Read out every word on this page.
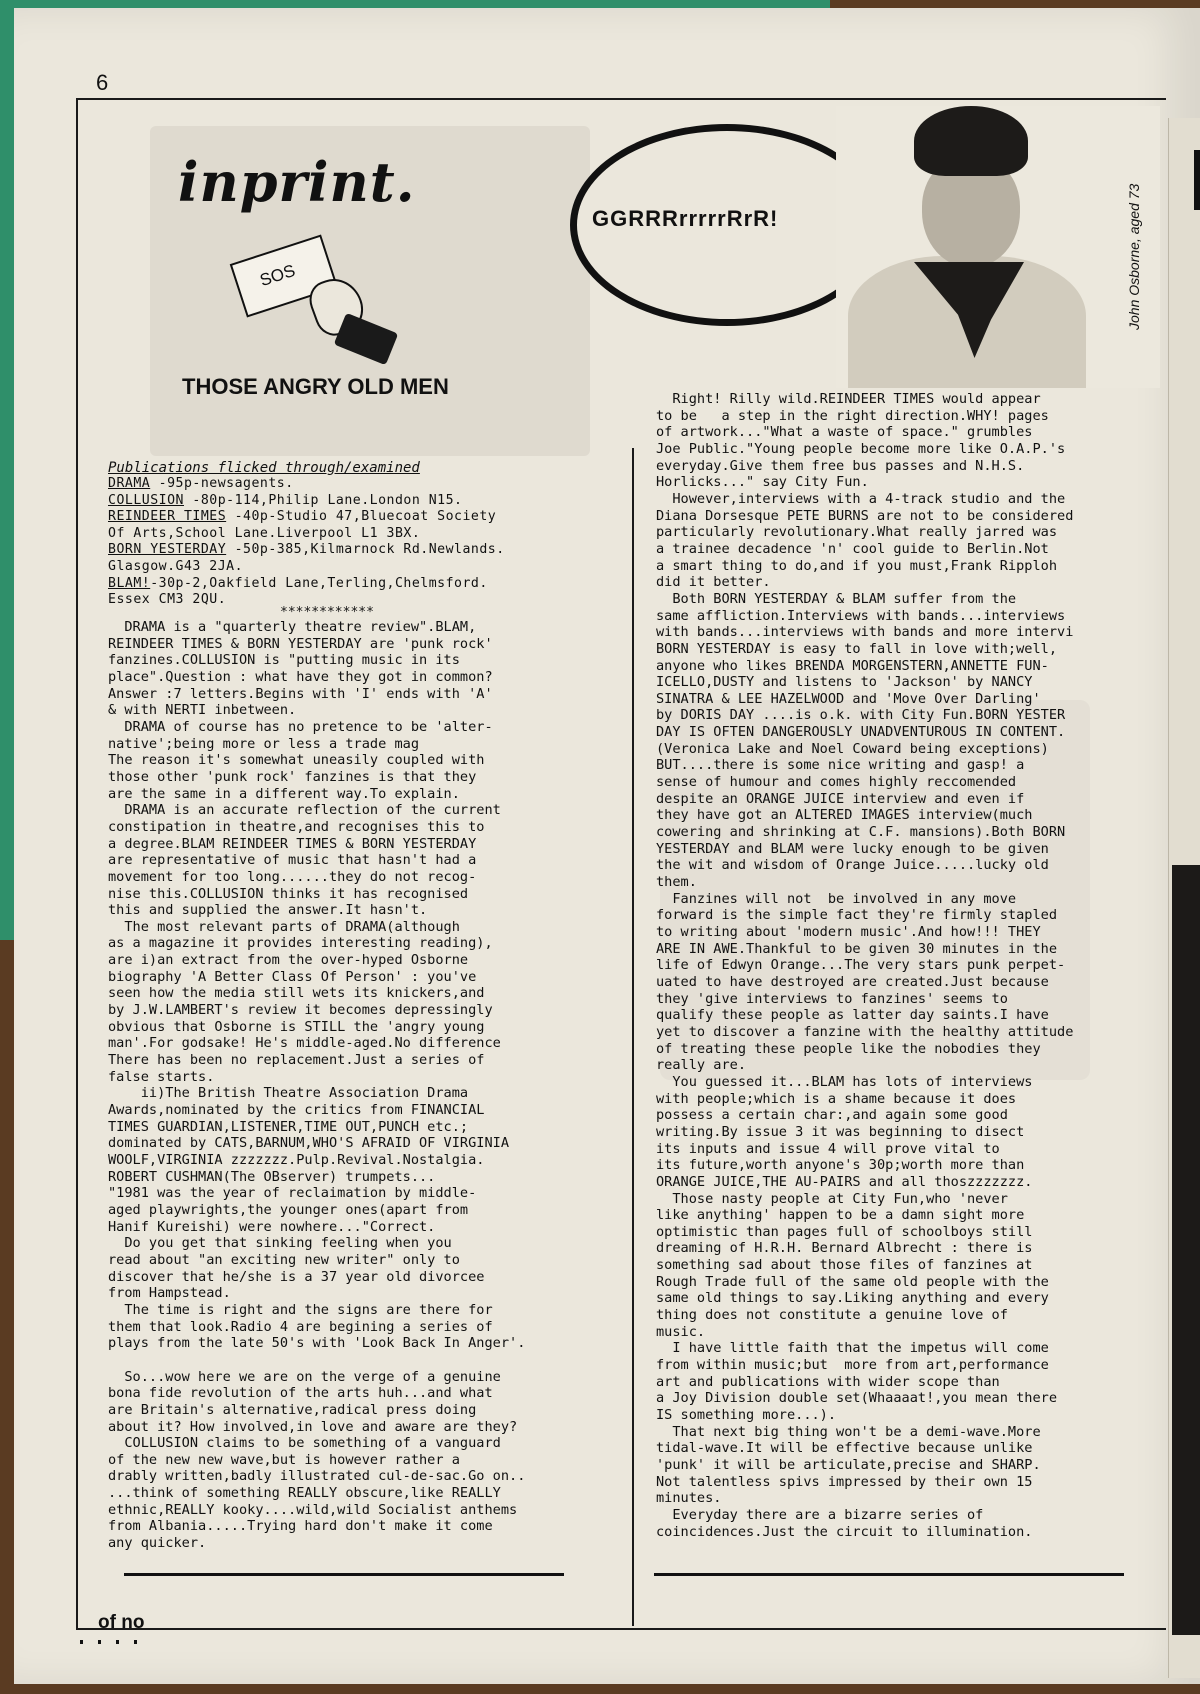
6
inprint.
SOS
THOSE ANGRY OLD MEN
GGRRRrrrrrRrR!	John Osborne, aged 73
Publications flicked through/examined
DRAMA -95p-newsagents.
COLLUSION -80p-114,Philip Lane.London N15.
REINDEER TIMES -40p-Studio 47,Bluecoat Society
Of Arts,School Lane.Liverpool L1 3BX.
BORN YESTERDAY -50p-385,Kilmarnock Rd.Newlands.
Glasgow.G43 2JA.
BLAM!-30p-2,Oakfield Lane,Terling,Chelmsford.
Essex CM3 2QU.
************
DRAMA is a "quarterly theatre review".BLAM,
REINDEER TIMES & BORN YESTERDAY are 'punk rock'
fanzines.COLLUSION is "putting music in its
place".Question : what have they got in common?
Answer :7 letters.Begins with 'I' ends with 'A'
& with NERTI inbetween.
DRAMA of course has no pretence to be 'alter-
native';being more or less a trade mag
The reason it's somewhat uneasily coupled with
those other 'punk rock' fanzines is that they
are the same in a different way.To explain.
DRAMA is an accurate reflection of the current
constipation in theatre,and recognises this to
a degree.BLAM REINDEER TIMES & BORN YESTERDAY
are representative of music that hasn't had a
movement for too long......they do not recog-
nise this.COLLUSION thinks it has recognised
this and supplied the answer.It hasn't.
The most relevant parts of DRAMA(although
as a magazine it provides interesting reading),
are i)an extract from the over-hyped Osborne
biography 'A Better Class Of Person' : you've
seen how the media still wets its knickers,and
by J.W.LAMBERT's review it becomes depressingly
obvious that Osborne is STILL the 'angry young
man'.For godsake! He's middle-aged.No difference
There has been no replacement.Just a series of
false starts.
ii)The British Theatre Association Drama
Awards,nominated by the critics from FINANCIAL
TIMES GUARDIAN,LISTENER,TIME OUT,PUNCH etc.;
dominated by CATS,BARNUM,WHO'S AFRAID OF VIRGINIA
WOOLF,VIRGINIA zzzzzzz.Pulp.Revival.Nostalgia.
ROBERT CUSHMAN(The OBserver) trumpets...
"1981 was the year of reclaimation by middle-
aged playwrights,the younger ones(apart from
Hanif Kureishi) were nowhere..."Correct.
Do you get that sinking feeling when you
read about "an exciting new writer" only to
discover that he/she is a 37 year old divorcee
from Hampstead.
The time is right and the signs are there for
them that look.Radio 4 are begining a series of
plays from the late 50's with 'Look Back In Anger'.

So...wow here we are on the verge of a genuine
bona fide revolution of the arts huh...and what
are Britain's alternative,radical press doing
about it? How involved,in love and aware are they?
COLLUSION claims to be something of a vanguard
of the new new wave,but is however rather a
drably written,badly illustrated cul-de-sac.Go on..
...think of something REALLY obscure,like REALLY
ethnic,REALLY kooky....wild,wild Socialist anthems
from Albania.....Trying hard don't make it come
any quicker.
Right! Rilly wild.REINDEER TIMES would appear
to be   a step in the right direction.WHY! pages
of artwork..."What a waste of space." grumbles
Joe Public."Young people become more like O.A.P.'s
everyday.Give them free bus passes and N.H.S.
Horlicks..." say City Fun.
However,interviews with a 4-track studio and the
Diana Dorsesque PETE BURNS are not to be considered
particularly revolutionary.What really jarred was
a trainee decadence 'n' cool guide to Berlin.Not
a smart thing to do,and if you must,Frank Ripploh
did it better.
Both BORN YESTERDAY & BLAM suffer from the
same affliction.Interviews with bands...interviews
with bands...interviews with bands and more intervi
BORN YESTERDAY is easy to fall in love with;well,
anyone who likes BRENDA MORGENSTERN,ANNETTE FUN-
ICELLO,DUSTY and listens to 'Jackson' by NANCY
SINATRA & LEE HAZELWOOD and 'Move Over Darling'
by DORIS DAY ....is o.k. with City Fun.BORN YESTER
DAY IS OFTEN DANGEROUSLY UNADVENTUROUS IN CONTENT.
(Veronica Lake and Noel Coward being exceptions)
BUT....there is some nice writing and gasp! a
sense of humour and comes highly reccomended
despite an ORANGE JUICE interview and even if
they have got an ALTERED IMAGES interview(much
cowering and shrinking at C.F. mansions).Both BORN
YESTERDAY and BLAM were lucky enough to be given
the wit and wisdom of Orange Juice.....lucky old
them.
Fanzines will not  be involved in any move
forward is the simple fact they're firmly stapled
to writing about 'modern music'.And how!!! THEY
ARE IN AWE.Thankful to be given 30 minutes in the
life of Edwyn Orange...The very stars punk perpet-
uated to have destroyed are created.Just because
they 'give interviews to fanzines' seems to
qualify these people as latter day saints.I have
yet to discover a fanzine with the healthy attitude
of treating these people like the nobodies they
really are.
You guessed it...BLAM has lots of interviews
with people;which is a shame because it does
possess a certain char:,and again some good
writing.By issue 3 it was beginning to disect
its inputs and issue 4 will prove vital to
its future,worth anyone's 30p;worth more than
ORANGE JUICE,THE AU-PAIRS and all thoszzzzzzz.
Those nasty people at City Fun,who 'never
like anything' happen to be a damn sight more
optimistic than pages full of schoolboys still
dreaming of H.R.H. Bernard Albrecht : there is
something sad about those files of fanzines at
Rough Trade full of the same old people with the
same old things to say.Liking anything and every
thing does not constitute a genuine love of
music.
I have little faith that the impetus will come
from within music;but  more from art,performance
art and publications with wider scope than
a Joy Division double set(Whaaaat!,you mean there
IS something more...).
That next big thing won't be a demi-wave.More
tidal-wave.It will be effective because unlike
'punk' it will be articulate,precise and SHARP.
Not talentless spivs impressed by their own 15
minutes.
Everyday there are a bizarre series of
coincidences.Just the circuit to illumination.
of no
